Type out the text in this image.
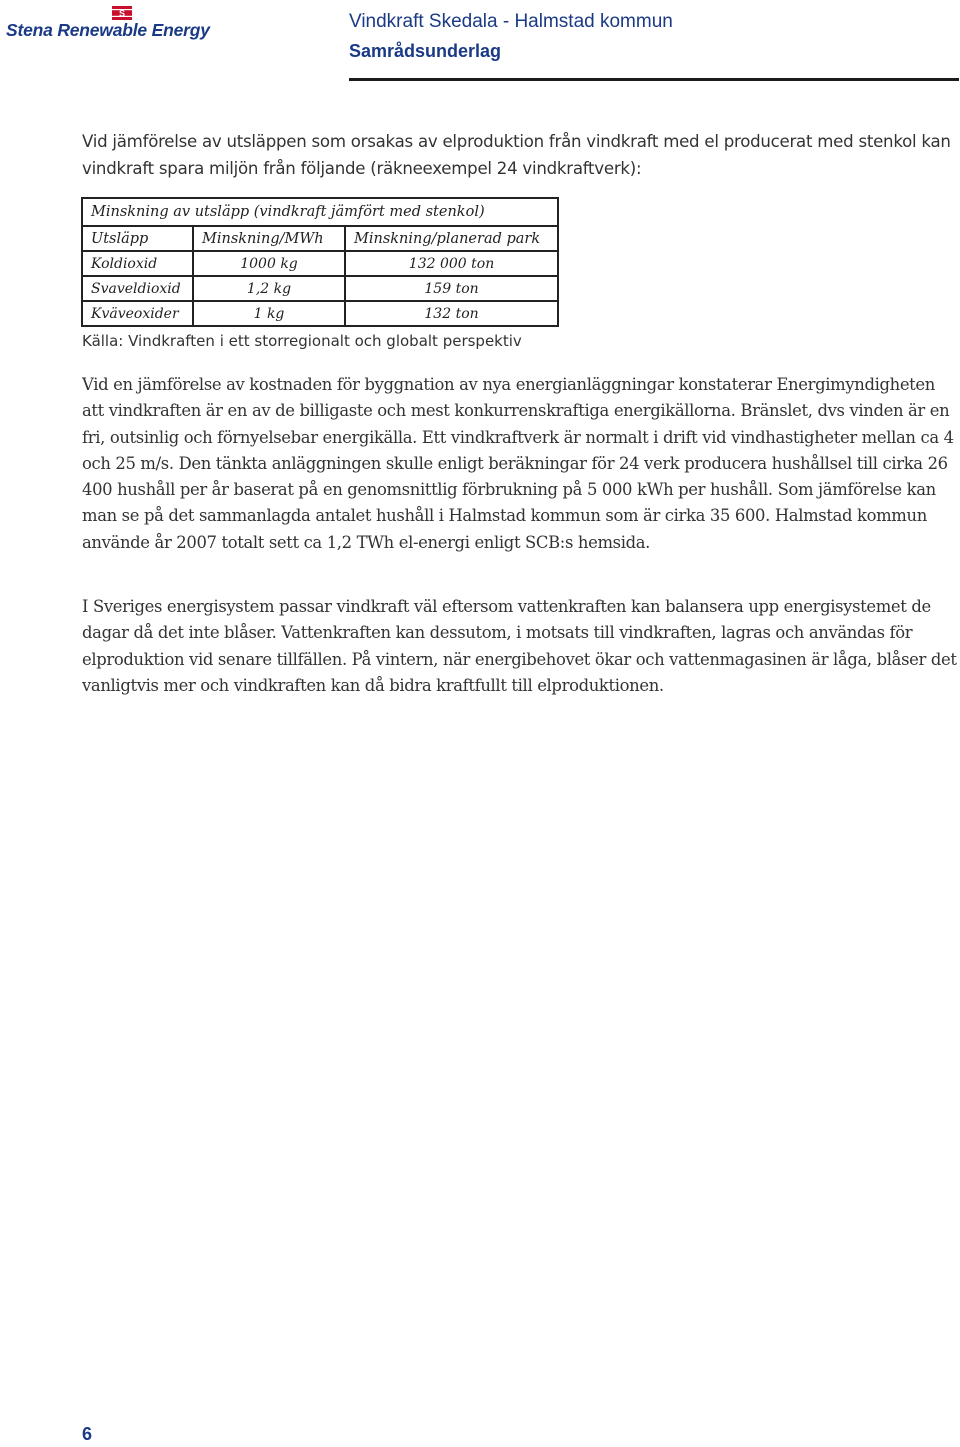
S
Stena Renewable Energy	Vindkraft Skedala - Halmstad kommun
Samrådsunderlag

Vid jämförelse av utsläppen som orsakas av elproduktion från vindkraft med el producerat med stenkol kan vindkraft spara miljön från följande (räkneexempel 24 vindkraftverk):

Minskning av utsläpp (vindkraft jämfört med stenkol)		
Utsläpp	Minskning/MWh	Minskning/planerad park
Koldioxid	1000 kg	132 000 ton
Svaveldioxid	1,2 kg	159 ton
Kväveoxider	1 kg	132 ton
Källa: Vindkraften i ett storregionalt och globalt perspektiv

Vid en jämförelse av kostnaden för byggnation av nya energianläggningar konstaterar Energimyndigheten att vindkraften är en av de billigaste och mest konkurrenskraftiga energikällorna. Bränslet, dvs vinden är en fri, outsinlig och förnyelsebar energikälla. Ett vindkraftverk är normalt i drift vid vindhastigheter mellan ca 4 och 25 m/s. Den tänkta anläggningen skulle enligt beräkningar för 24 verk producera hushållsel till cirka 26 400 hushåll per år baserat på en genomsnittlig förbrukning på 5 000 kWh per hushåll. Som jämförelse kan man se på det sammanlagda antalet hushåll i Halmstad kommun som är cirka 35 600. Halmstad kommun använde år 2007 totalt sett ca 1,2 TWh el-energi enligt SCB:s hemsida.

I Sveriges energisystem passar vindkraft väl eftersom vattenkraften kan balansera upp energisystemet de dagar då det inte blåser. Vattenkraften kan dessutom, i motsats till vindkraften, lagras och användas för elproduktion vid senare tillfällen. På vintern, när energibehovet ökar och vattenmagasinen är låga, blåser det vanligtvis mer och vindkraften kan då bidra kraftfullt till elproduktionen.

6
